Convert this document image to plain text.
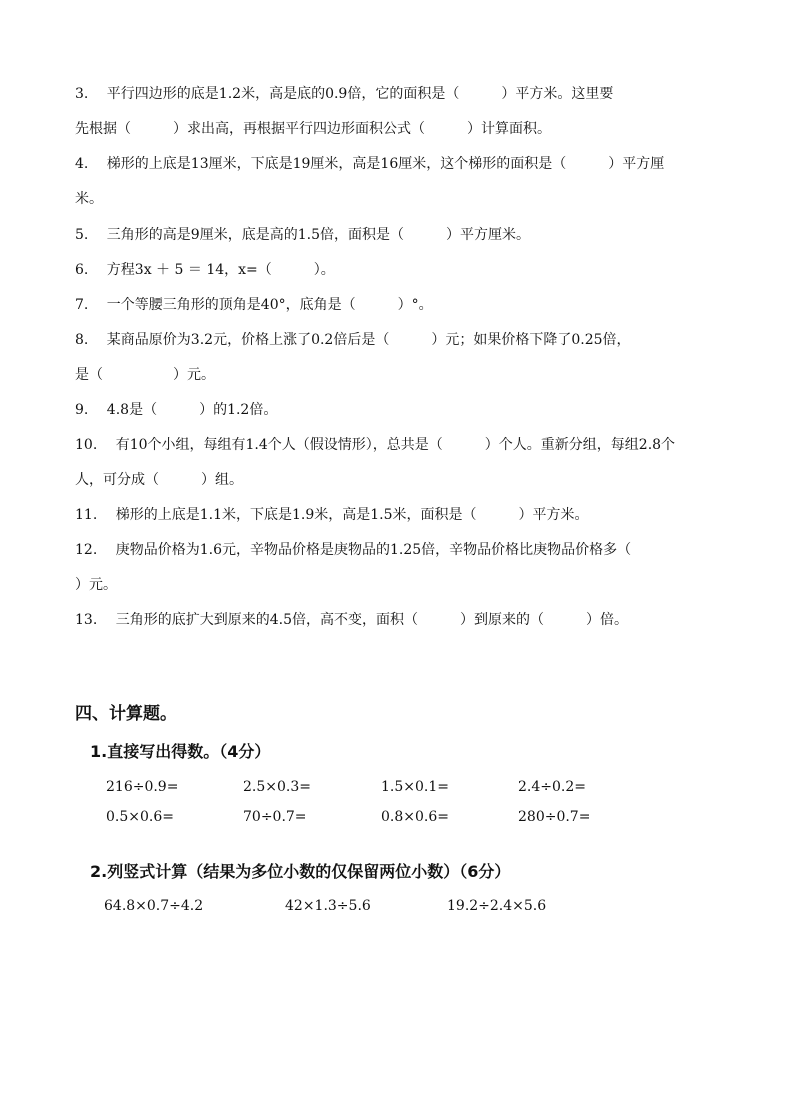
3.　 平行四边形的底是1.2米，高是底的0.9倍，它的面积是（　　　）平方米。这里要
先根据（　　　）求出高，再根据平行四边形面积公式（　　　）计算面积。
4.　 梯形的上底是13厘米，下底是19厘米，高是16厘米，这个梯形的面积是（　　　）平方厘
米。
5.　 三角形的高是9厘米，底是高的1.5倍，面积是（　　　）平方厘米。
6.　 方程3x ＋ 5 ＝ 14，x=（　　　）。
7.　 一个等腰三角形的顶角是40°，底角是（　　　）°。
8.　 某商品原价为3.2元，价格上涨了0.2倍后是（　　　）元；如果价格下降了0.25倍，
是（　　　　　）元。
9.　 4.8是（　　　）的1.2倍。
10.　 有10个小组，每组有1.4个人（假设情形），总共是（　　　）个人。重新分组，每组2.8个
人，可分成（　　　）组。
11.　 梯形的上底是1.1米，下底是1.9米，高是1.5米，面积是（　　　）平方米。
12.　 庚物品价格为1.6元，辛物品价格是庚物品的1.25倍，辛物品价格比庚物品价格多（
）元。
13.　 三角形的底扩大到原来的4.5倍，高不变，面积（　　　）到原来的（　　　）倍。
四、计算题。
1.直接写出得数。（4分）
216÷0.9=	2.5×0.3=	1.5×0.1=	2.4÷0.2=
0.5×0.6=	70÷0.7=	0.8×0.6=	280÷0.7=
2.列竖式计算（结果为多位小数的仅保留两位小数）（6分）
64.8×0.7÷4.2	42×1.3÷5.6	19.2÷2.4×5.6
